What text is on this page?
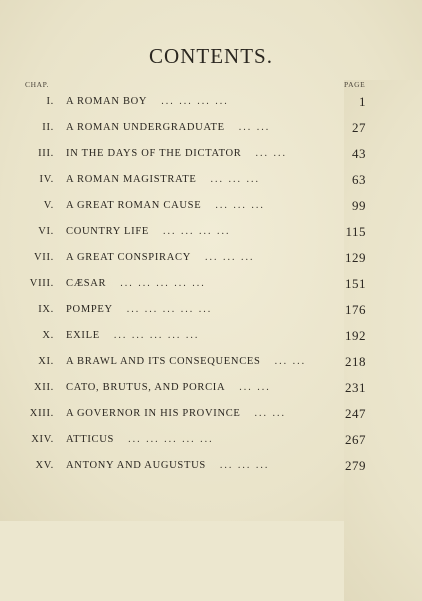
CONTENTS.
CHAP.	PAGE
I. A ROMAN BOY ... ... ... ...	1
II. A ROMAN UNDERGRADUATE ... ...	27
III. IN THE DAYS OF THE DICTATOR ... ...	43
IV. A ROMAN MAGISTRATE ... ... ...	63
V. A GREAT ROMAN CAUSE ... ... ...	99
VI. COUNTRY LIFE ... ... ... ...	115
VII. A GREAT CONSPIRACY ... ... ...	129
VIII. CÆSAR ... ... ... ... ...	151
IX. POMPEY ... ... ... ... ...	176
X. EXILE ... ... ... ... ...	192
XI. A BRAWL AND ITS CONSEQUENCES ... ...	218
XII. CATO, BRUTUS, AND PORCIA ... ...	231
XIII. A GOVERNOR IN HIS PROVINCE ... ...	247
XIV. ATTICUS ... ... ... ... ...	267
XV. ANTONY AND AUGUSTUS ... ... ...	279
